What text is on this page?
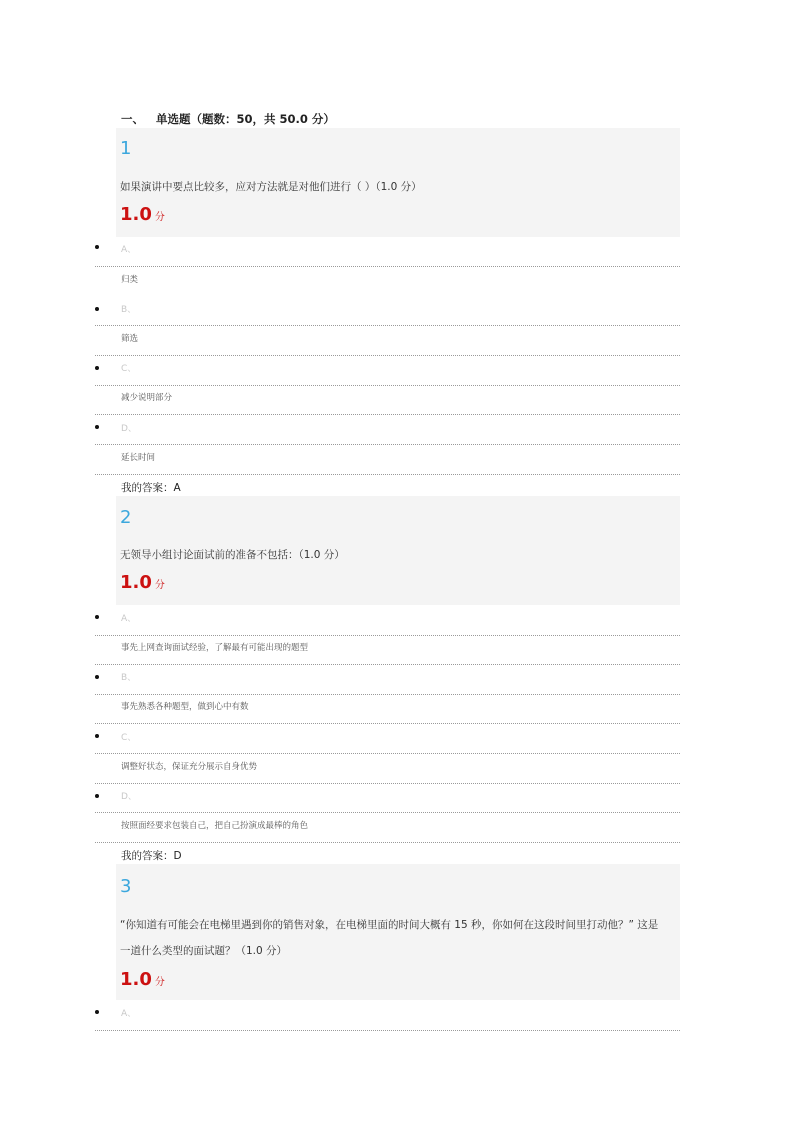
一、 单选题（题数：50，共 50.0 分）
1
如果演讲中要点比较多，应对方法就是对他们进行（ ）（1.0 分）
1.0 分
A、
归类
B、
筛选
C、
减少说明部分
D、
延长时间
我的答案：A
2
无领导小组讨论面试前的准备不包括：（1.0 分）
1.0 分
A、
事先上网查询面试经验，了解最有可能出现的题型
B、
事先熟悉各种题型，做到心中有数
C、
调整好状态，保证充分展示自身优势
D、
按照面经要求包装自己，把自己扮演成最棒的角色
我的答案：D
3
“你知道有可能会在电梯里遇到你的销售对象，在电梯里面的时间大概有 15 秒，你如何在这段时间里打动他？” 这是
一道什么类型的面试题？（1.0 分）
1.0 分
A、
